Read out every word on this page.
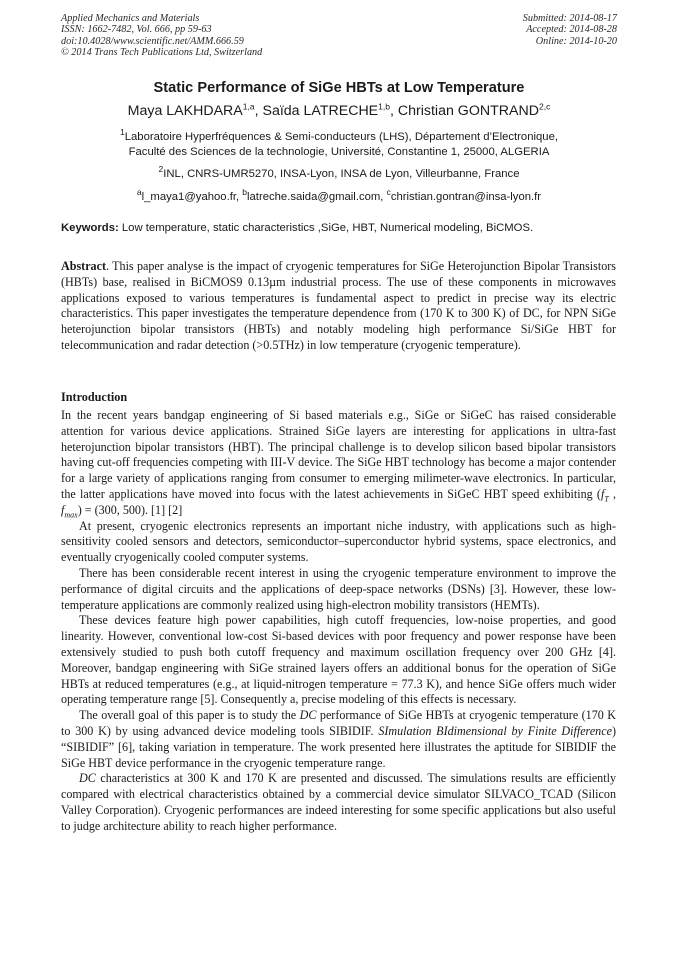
Applied Mechanics and Materials
ISSN: 1662-7482, Vol. 666, pp 59-63
doi:10.4028/www.scientific.net/AMM.666.59
© 2014 Trans Tech Publications Ltd, Switzerland
Submitted: 2014-08-17
Accepted: 2014-08-28
Online: 2014-10-20
Static Performance of SiGe HBTs at Low Temperature
Maya LAKHDARA$^{1,a}$, Saïda LATRECHE$^{1,b}$, Christian GONTRAND$^{2,c}$
$^1$Laboratoire Hyperfréquences & Semi-conducteurs (LHS), Département d’Electronique,
Faculté des Sciences de la technologie, Université, Constantine 1, 25000, ALGERIA
$^2$INL, CNRS-UMR5270, INSA-Lyon, INSA de Lyon, Villeurbanne, France
$^a$l_maya1@yahoo.fr, $^b$latreche.saida@gmail.com, $^c$christian.gontran@insa-lyon.fr
Keywords: Low temperature, static characteristics ,SiGe, HBT, Numerical modeling, BiCMOS.

Abstract. This paper analyse is the impact of cryogenic temperatures for SiGe Heterojunction Bipolar Transistors (HBTs) base, realised in BiCMOS9 0.13µm industrial process. The use of these components in microwaves applications exposed to various temperatures is fundamental aspect to predict in precise way its electric characteristics. This paper investigates the temperature dependence from (170 K to 300 K) of DC, for NPN SiGe heterojunction bipolar transistors (HBTs) and notably modeling high performance Si/SiGe HBT for telecommunication and radar detection (>0.5THz) in low temperature (cryogenic temperature).

Introduction

In the recent years bandgap engineering of Si based materials e.g., SiGe or SiGeC has raised considerable attention for various device applications. Strained SiGe layers are interesting for applications in ultra-fast heterojunction bipolar transistors (HBT). The principal challenge is to develop silicon based bipolar transistors having cut-off frequencies competing with III-V device. The SiGe HBT technology has become a major contender for a large variety of applications ranging from consumer to emerging milimeter-wave electronics. In particular, the latter applications have moved into focus with the latest achievements in SiGeC HBT speed exhibiting ($f_T$ , $f_{max}) = (300$, 500). [1] [2]

At present, cryogenic electronics represents an important niche industry, with applications such as high-sensitivity cooled sensors and detectors, semiconductor–superconductor hybrid systems, space electronics, and eventually cryogenically cooled computer systems.

There has been considerable recent interest in using the cryogenic temperature environment to improve the performance of digital circuits and the applications of deep-space networks (DSNs) [3]. However, these low-temperature applications are commonly realized using high-electron mobility transistors (HEMTs).

These devices feature high power capabilities, high cutoff frequencies, low-noise properties, and good linearity. However, conventional low-cost Si-based devices with poor frequency and power response have been extensively studied to push both cutoff frequency and maximum oscillation frequency over 200 GHz [4]. Moreover, bandgap engineering with SiGe strained layers offers an additional bonus for the operation of SiGe HBTs at reduced temperatures (e.g., at liquid-nitrogen temperature = 77.3 K), and hence SiGe offers much wider operating temperature range [5]. Consequently a, precise modeling of this effects is necessary.

The overall goal of this paper is to study the DC performance of SiGe HBTs at cryogenic temperature (170 K to 300 K) by using advanced device modeling tools SIBIDIF. SImulation BIdimensional by Finite Difference) “SIBIDIF” [6], taking variation in temperature. The work presented here illustrates the aptitude for SIBIDIF the SiGe HBT device performance in the cryogenic temperature range.

DC characteristics at 300 K and 170 K are presented and discussed. The simulations results are efficiently compared with electrical characteristics obtained by a commercial device simulator SILVACO_TCAD (Silicon Valley Corporation). Cryogenic performances are indeed interesting for some specific applications but also useful to judge architecture ability to reach higher performance.
